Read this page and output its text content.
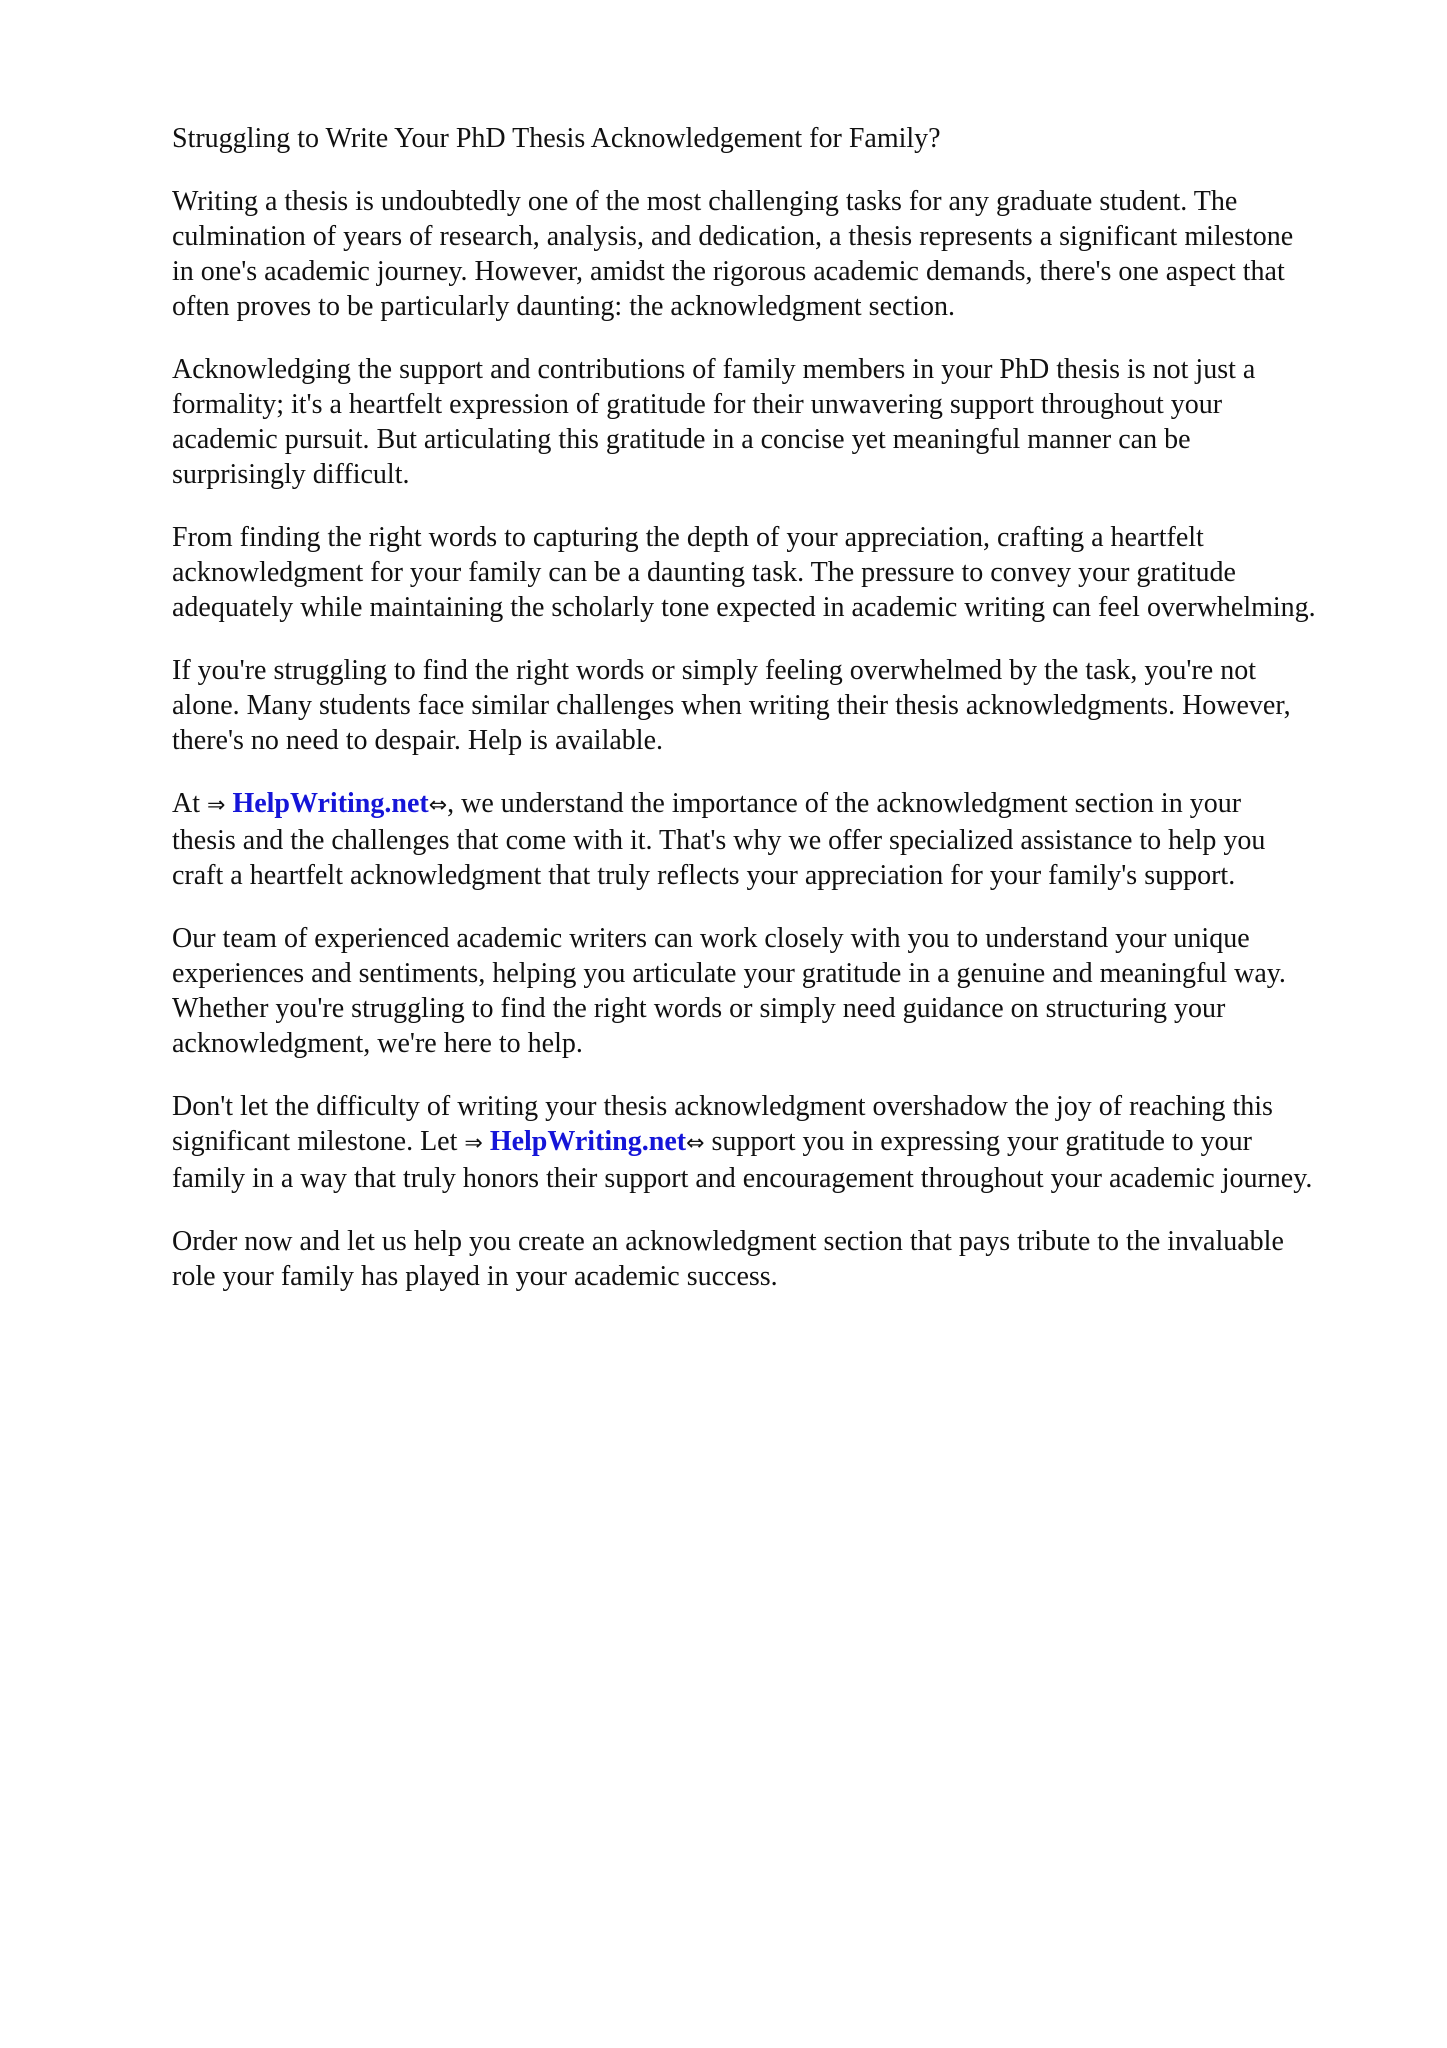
Struggling to Write Your PhD Thesis Acknowledgement for Family?

Writing a thesis is undoubtedly one of the most challenging tasks for any graduate student. The
culmination of years of research, analysis, and dedication, a thesis represents a significant milestone
in one's academic journey. However, amidst the rigorous academic demands, there's one aspect that
often proves to be particularly daunting: the acknowledgment section.

Acknowledging the support and contributions of family members in your PhD thesis is not just a
formality; it's a heartfelt expression of gratitude for their unwavering support throughout your
academic pursuit. But articulating this gratitude in a concise yet meaningful manner can be
surprisingly difficult.

From finding the right words to capturing the depth of your appreciation, crafting a heartfelt
acknowledgment for your family can be a daunting task. The pressure to convey your gratitude
adequately while maintaining the scholarly tone expected in academic writing can feel overwhelming.

If you're struggling to find the right words or simply feeling overwhelmed by the task, you're not
alone. Many students face similar challenges when writing their thesis acknowledgments. However,
there's no need to despair. Help is available.

At ⇒ HelpWriting.net⇔, we understand the importance of the acknowledgment section in your
thesis and the challenges that come with it. That's why we offer specialized assistance to help you
craft a heartfelt acknowledgment that truly reflects your appreciation for your family's support.

Our team of experienced academic writers can work closely with you to understand your unique
experiences and sentiments, helping you articulate your gratitude in a genuine and meaningful way.
Whether you're struggling to find the right words or simply need guidance on structuring your
acknowledgment, we're here to help.

Don't let the difficulty of writing your thesis acknowledgment overshadow the joy of reaching this
significant milestone. Let ⇒ HelpWriting.net⇔ support you in expressing your gratitude to your
family in a way that truly honors their support and encouragement throughout your academic journey.

Order now and let us help you create an acknowledgment section that pays tribute to the invaluable
role your family has played in your academic success.
